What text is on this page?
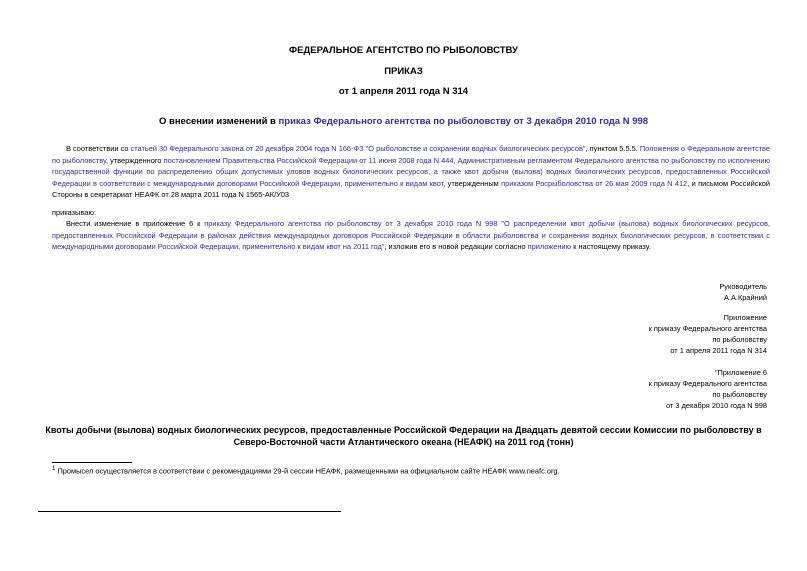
ФЕДЕРАЛЬНОЕ АГЕНТСТВО ПО РЫБОЛОВСТВУ
ПРИКАЗ
от 1 апреля 2011 года N 314
О внесении изменений в приказ Федерального агентства по рыболовству от 3 декабря 2010 года N 998
В соответствии со статьей 30 Федерального закона от 20 декабря 2004 года N 166-ФЗ "О рыболовстве и сохранении водных биологических ресурсов", пунктом 5.5.5. Положения о Федеральном агентстве по рыболовству, утвержденного постановлением Правительства Российской Федерации от 11 июня 2008 года N 444, Административным регламентом Федерального агентства по рыболовству по исполнению государственной функции по распределению общих допустимых уловов водных биологических ресурсов, а также квот добычи (вылова) водных биологических ресурсов, предоставленных Российской Федерации в соответствии с международными договорами Российской Федерации, применительно к видам квот, утвержденным приказом Росрыболовства от 26 мая 2009 года N 412, и письмом Российской Стороны в секретариат НЕАФК от 28 марта 2011 года N 1565-АК/У03
приказываю:
Внести изменение в приложение 6 к приказу Федерального агентства по рыболовству от 3 декабря 2010 года N 998 "О распределении квот добычи (вылова) водных биологических ресурсов, предоставленных Российской Федерации в районах действия международных договоров Российской Федерации в области рыболовства и сохранения водных биологических ресурсов, в соответствии с международными договорами Российской Федерации, применительно к видам квот на 2011 год", изложив его в новой редакции согласно приложению к настоящему приказу.
Руководитель
А.А.Крайний
Приложение
к приказу Федерального агентства
по рыболовству
от 1 апреля 2011 года N 314
"Приложение 6
к приказу Федерального агентства
по рыболовству
от 3 декабря 2010 года N 998
Квоты добычи (вылова) водных биологических ресурсов, предоставленные Российской Федерации на Двадцать девятой сессии Комиссии по рыболовству в Северо-Восточной части Атлантического океана (НЕАФК) на 2011 год (тонн)
$^1$ Промысел осуществляется в соответствии с рекомендациями 29-й сессии НЕАФК, размещенными на официальном сайте НЕАФК www.neafc.org.
